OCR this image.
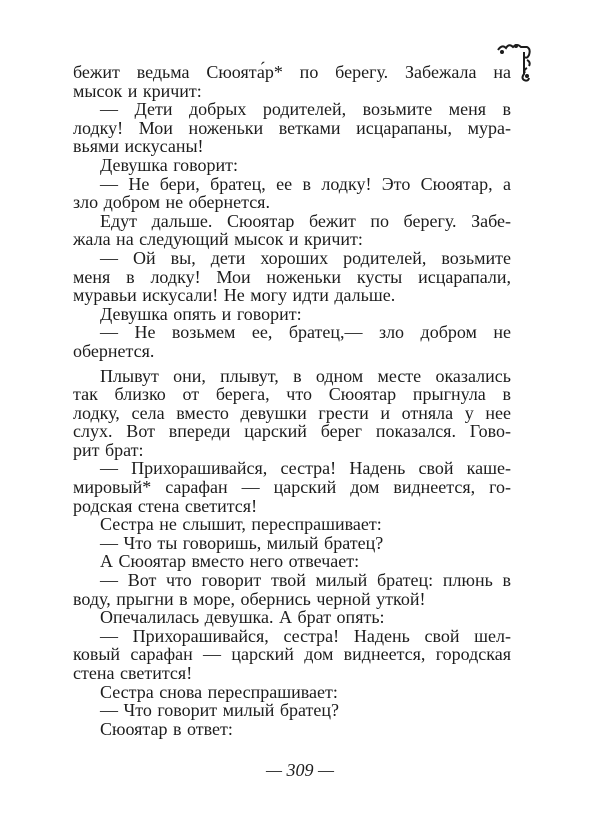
бежит ведьма Сюоята́р* по берегу. Забежала на
мысок и кричит:
— Дети добрых родителей, возьмите меня в
лодку! Мои ноженьки ветками исцарапаны, мура-
вьями искусаны!
Девушка говорит:
— Не бери, братец, ее в лодку! Это Сюоятар, а
зло добром не обернется.
Едут дальше. Сюоятар бежит по берегу. Забе-
жала на следующий мысок и кричит:
— Ой вы, дети хороших родителей, возьмите
меня в лодку! Мои ноженьки кусты исцарапали,
муравьи искусали! Не могу идти дальше.
Девушка опять и говорит:
— Не возьмем ее, братец,— зло добром не
обернется.
Плывут они, плывут, в одном месте оказались
так близко от берега, что Сюоятар прыгнула в
лодку, села вместо девушки грести и отняла у нее
слух. Вот впереди царский берег показался. Гово-
рит брат:
— Прихорашивайся, сестра! Надень свой каше-
мировый* сарафан — царский дом виднеется, го-
родская стена светится!
Сестра не слышит, переспрашивает:
— Что ты говоришь, милый братец?
А Сюоятар вместо него отвечает:
— Вот что говорит твой милый братец: плюнь в
воду, прыгни в море, обернись черной уткой!
Опечалилась девушка. А брат опять:
— Прихорашивайся, сестра! Надень свой шел-
ковый сарафан — царский дом виднеется, городская
стена светится!
Сестра снова переспрашивает:
— Что говорит милый братец?
Сюоятар в ответ:
— 309 —
